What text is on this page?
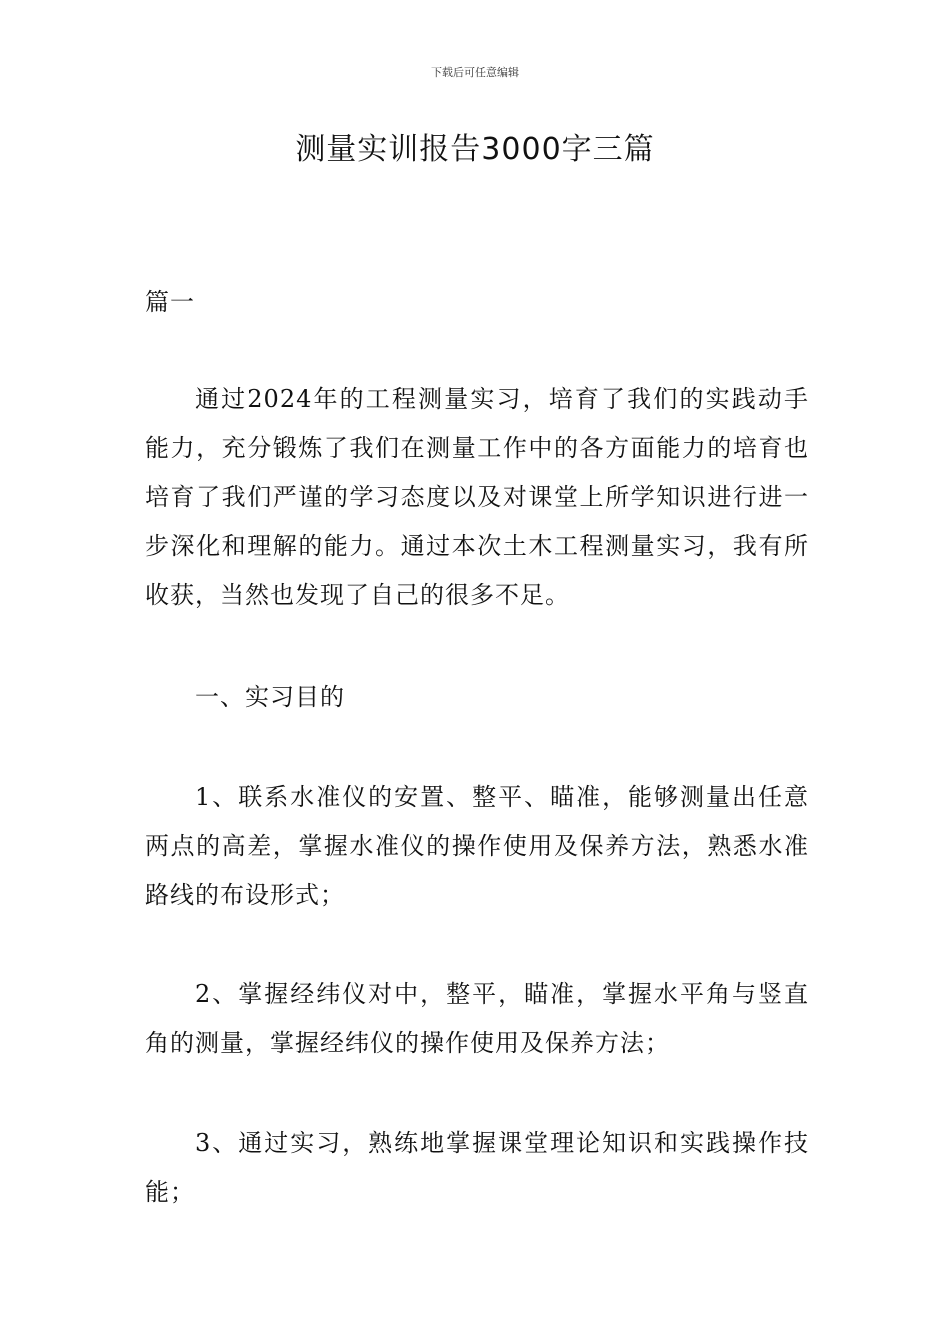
下载后可任意编辑
测量实训报告3000字三篇

篇一

通过2024年的工程测量实习，培育了我们的实践动手能力，充分锻炼了我们在测量工作中的各方面能力的培育也培育了我们严谨的学习态度以及对课堂上所学知识进行进一步深化和理解的能力。通过本次土木工程测量实习，我有所收获，当然也发现了自己的很多不足。

一、实习目的

1、联系水准仪的安置、整平、瞄准，能够测量出任意两点的高差，掌握水准仪的操作使用及保养方法，熟悉水准路线的布设形式；

2、掌握经纬仪对中，整平，瞄准，掌握水平角与竖直角的测量，掌握经纬仪的操作使用及保养方法；

3、通过实习，熟练地掌握课堂理论知识和实践操作技能；
